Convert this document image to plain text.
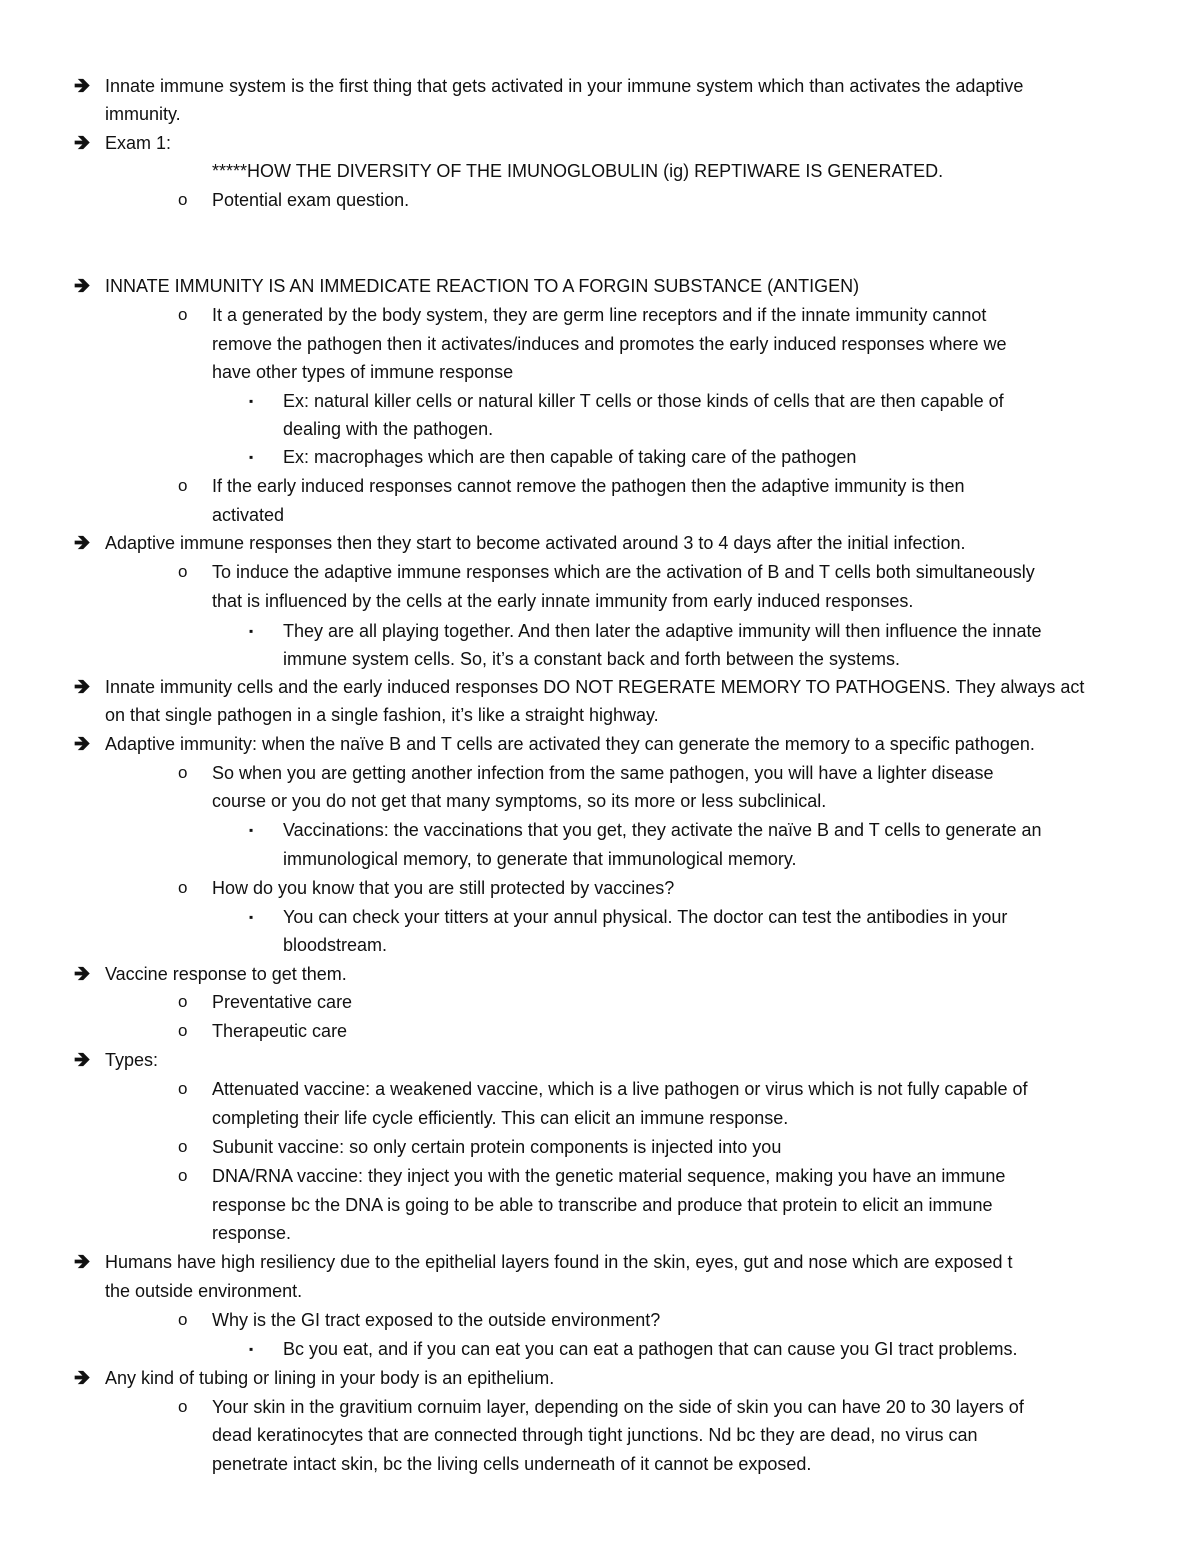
🡺 Innate immune system is the first thing that gets activated in your immune system which than activates the adaptive
immunity.
🡺 Exam 1:
*****HOW THE DIVERSITY OF THE IMUNOGLOBULIN (ig) REPTIWARE IS GENERATED.
o Potential exam question.
🡺 INNATE IMMUNITY IS AN IMMEDICATE REACTION TO A FORGIN SUBSTANCE (ANTIGEN)
o It a generated by the body system, they are germ line receptors and if the innate immunity cannot
remove the pathogen then it activates/induces and promotes the early induced responses where we
have other types of immune response
▪ Ex: natural killer cells or natural killer T cells or those kinds of cells that are then capable of
dealing with the pathogen.
▪ Ex: macrophages which are then capable of taking care of the pathogen
o If the early induced responses cannot remove the pathogen then the adaptive immunity is then
activated
🡺 Adaptive immune responses then they start to become activated around 3 to 4 days after the initial infection.
o To induce the adaptive immune responses which are the activation of B and T cells both simultaneously
that is influenced by the cells at the early innate immunity from early induced responses.
▪ They are all playing together. And then later the adaptive immunity will then influence the innate
immune system cells. So, it’s a constant back and forth between the systems.
🡺 Innate immunity cells and the early induced responses DO NOT REGERATE MEMORY TO PATHOGENS. They always act
on that single pathogen in a single fashion, it’s like a straight highway.
🡺 Adaptive immunity: when the naïve B and T cells are activated they can generate the memory to a specific pathogen.
o So when you are getting another infection from the same pathogen, you will have a lighter disease
course or you do not get that many symptoms, so its more or less subclinical.
▪ Vaccinations: the vaccinations that you get, they activate the naïve B and T cells to generate an
immunological memory, to generate that immunological memory.
o How do you know that you are still protected by vaccines?
▪ You can check your titters at your annul physical. The doctor can test the antibodies in your
bloodstream.
🡺 Vaccine response to get them.
o Preventative care
o Therapeutic care
🡺 Types:
o Attenuated vaccine: a weakened vaccine, which is a live pathogen or virus which is not fully capable of
completing their life cycle efficiently. This can elicit an immune response.
o Subunit vaccine: so only certain protein components is injected into you
o DNA/RNA vaccine: they inject you with the genetic material sequence, making you have an immune
response bc the DNA is going to be able to transcribe and produce that protein to elicit an immune
response.
🡺 Humans have high resiliency due to the epithelial layers found in the skin, eyes, gut and nose which are exposed t
the outside environment.
o Why is the GI tract exposed to the outside environment?
▪ Bc you eat, and if you can eat you can eat a pathogen that can cause you GI tract problems.
🡺 Any kind of tubing or lining in your body is an epithelium.
o Your skin in the gravitium cornuim layer, depending on the side of skin you can have 20 to 30 layers of
dead keratinocytes that are connected through tight junctions. Nd bc they are dead, no virus can
penetrate intact skin, bc the living cells underneath of it cannot be exposed.
